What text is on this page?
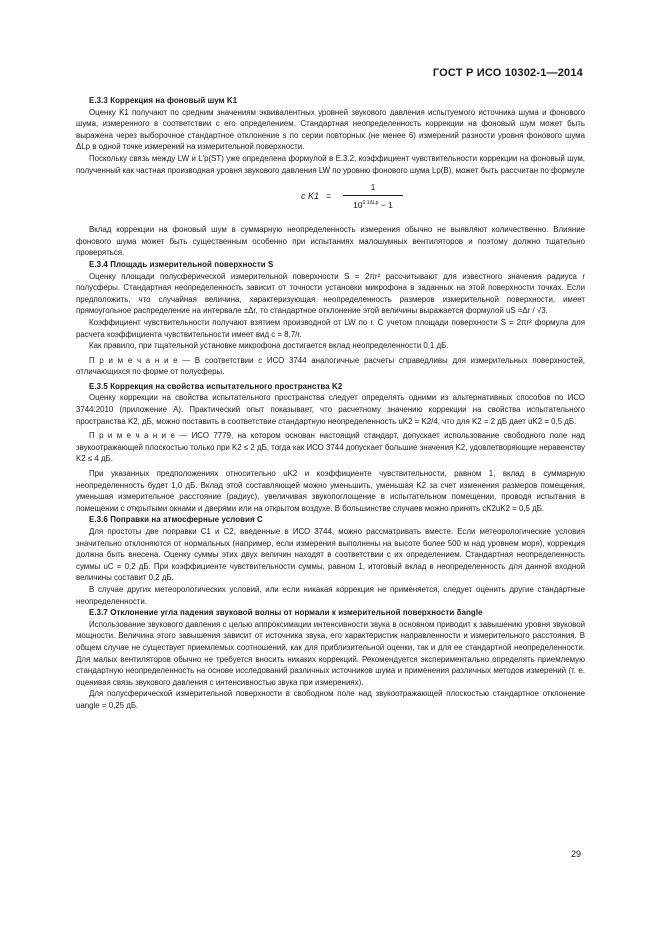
ГОСТ Р ИСО 10302-1—2014
Е.3.3 Коррекция на фоновый шум K1

Оценку K1 получают по средним значениям эквивалентных уровней звукового давления испытуемого источника шума и фонового шума, измеренного в соответствии с его определением. Стандартная неопределенность коррекции на фоновый шум может быть выражена через выборочное стандартное отклонение s по серии повторных (не менее 6) измерений разности уровня фонового шума ΔLp в одной точке измерений на измерительной поверхности.

Поскольку связь между LW и L′p(ST) уже определена формулой в Е.3.2, коэффициент чувствительности коррекции на фоновый шум, полученный как частная производная уровня звукового давления LW по уровню фонового шума Lp(B), может быть рассчитан по формуле

c K1 =
1
$10^{0.1\Delta Lp} - 1$

Вклад коррекции на фоновый шум в суммарную неопределенность измерения обычно не выявляют количественно. Влияние фонового шума может быть существенным особенно при испытаниях малошумных вентиляторов и поэтому должно тщательно проверяться.

Е.3.4 Площадь измерительной поверхности S

Оценку площади полусферической измерительной поверхности S = 2πr² рассчитывают для известного значения радиуса r полусферы. Стандартная неопределенность зависит от точности установки микрофона в заданных на этой поверхности точках. Если предположить, что случайная величина, характеризующая неопределенность размеров измерительной поверхности, имеет прямоугольное распределение на интервале ±Δr, то стандартное отклонение этой величины выражается формулой uS =Δr / √3.

Коэффициент чувствительности получают взятием производной от LW по r. С учетом площади поверхности S = 2πr² формула для расчета коэффициента чувствительности имеет вид c = 8,7/r.

Как правило, при тщательной установке микрофона достигается вклад неопределенности 0,1 дБ.

П р и м е ч а н и е — В соответствии с ИСО 3744 аналогичные расчеты справедливы для измерительных поверхностей, отличающихся по форме от полусферы.

Е.3.5 Коррекция на свойства испытательного пространства K2

Оценку коррекции на свойства испытательного пространства следует определять одними из альтернативных способов по ИСО 3744:2010 (приложение А). Практический опыт показывает, что расчетному значению коррекции на свойства испытательного пространства K2, дБ, можно поставить в соответствие стандартную неопределенность uK2 = K2/4, что для K2 = 2 дБ дает uK2 = 0,5 дБ.

П р и м е ч а н и е — ИСО 7779, на котором основан настоящий стандарт, допускает использование свободного поле над звукоотражающей плоскостью только при K2 ≤ 2 дБ, тогда как ИСО 3744 допускает большие значения K2, удовлетворяющие неравенству K2 ≤ 4 дБ.

При указанных предположениях относительно uK2 и коэффициенте чувствительности, равном 1, вклад в суммарную неопределенность будет 1,0 дБ. Вклад этой составляющей можно уменьшить, уменьшая K2 за счет изменения размеров помещения, уменьшая измерительное расстояние (радиус), увеличивая звукопоглощение в испытательном помещении, проводя испытания в помещении с открытыми окнами и дверями или на открытом воздухе. В большинстве случаев можно принять cK2uK2 = 0,5 дБ.

Е.3.6 Поправки на атмосферные условия C

Для простоты две поправки C1 и C2, введенные в ИСО 3744, можно рассматривать вместе. Если метеорологические условия значительно отклоняются от нормальных (например, если измерения выполнены на высоте более 500 м над уровнем моря), коррекция должна быть внесена. Оценку суммы этих двух величин находят в соответствии с их определением. Стандартная неопределенность суммы uC = 0,2 дБ. При коэффициенте чувствительности суммы, равном 1, итоговый вклад в неопределенность для данной входной величины составит 0,2 дБ.

В случае других метеорологических условий, или если никакая коррекция не применяется, следует оценить другие стандартные неопределенности.

Е.3.7 Отклонение угла падения звуковой волны от нормали к измерительной поверхности δangle

Использование звукового давления с целью аппроксимации интенсивности звука в основном приводит к завышению уровня звуковой мощности. Величина этого завышения зависит от источника звука, его характеристик направленности и измерительного расстояния. В общем случае не существует приемлемых соотношений, как для приблизительной оценки, так и для ее стандартной неопределенности. Для малых вентиляторов обычно не требуется вносить никаких коррекций. Рекомендуется экспериментально определять приемлемую стандартную неопределенность на основе исследований различных источников шума и применения различных методов измерений (т. е. оценивая связь звукового давления с интенсивностью звука при измерениях).

Для полусферической измерительной поверхности в свободном поле над звукоотражающей плоскостью стандартное отклонение uangle = 0,25 дБ.

29
